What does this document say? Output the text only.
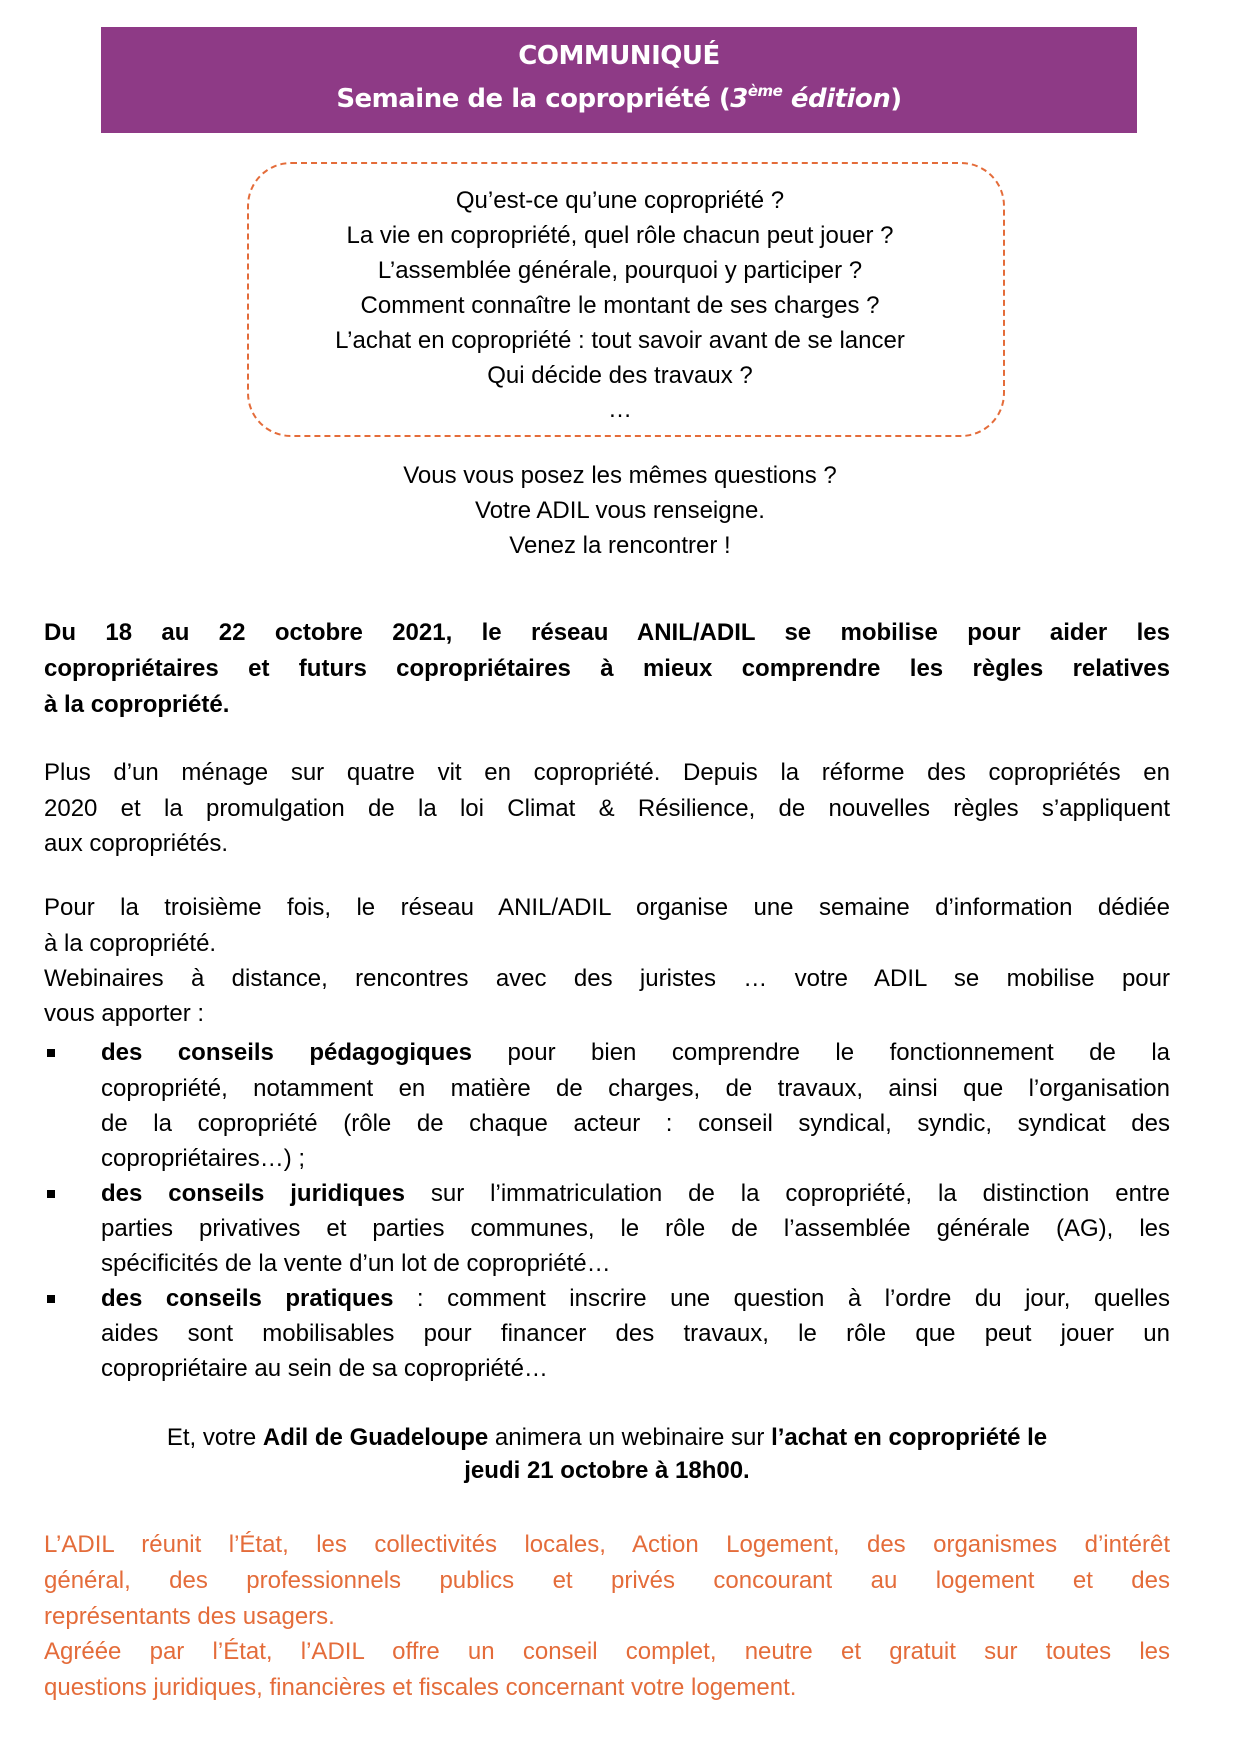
COMMUNIQUÉ
Semaine de la copropriété (3ème édition)
Qu’est-ce qu’une copropriété ?
La vie en copropriété, quel rôle chacun peut jouer ?
L’assemblée générale, pourquoi y participer ?
Comment connaître le montant de ses charges ?
L’achat en copropriété : tout savoir avant de se lancer
Qui décide des travaux ?
…
Vous vous posez les mêmes questions ?
Votre ADIL vous renseigne.
Venez la rencontrer !
Du 18 au 22 octobre 2021, le réseau ANIL/ADIL se mobilise pour aider les
copropriétaires et futurs copropriétaires à mieux comprendre les règles relatives
à la copropriété.
Plus d’un ménage sur quatre vit en copropriété. Depuis la réforme des copropriétés en
2020 et la promulgation de la loi Climat & Résilience, de nouvelles règles s’appliquent
aux copropriétés.
Pour la troisième fois, le réseau ANIL/ADIL organise une semaine d’information dédiée
à la copropriété.
Webinaires à distance, rencontres avec des juristes … votre ADIL se mobilise pour
vous apporter :
des conseils pédagogiques pour bien comprendre le fonctionnement de la
copropriété, notamment en matière de charges, de travaux, ainsi que l’organisation
de la copropriété (rôle de chaque acteur : conseil syndical, syndic, syndicat des
copropriétaires…) ;
des conseils juridiques sur l’immatriculation de la copropriété, la distinction entre
parties privatives et parties communes, le rôle de l’assemblée générale (AG), les
spécificités de la vente d’un lot de copropriété…
des conseils pratiques : comment inscrire une question à l’ordre du jour, quelles
aides sont mobilisables pour financer des travaux, le rôle que peut jouer un
copropriétaire au sein de sa copropriété…
Et, votre Adil de Guadeloupe animera un webinaire sur l’achat en copropriété le
jeudi 21 octobre à 18h00.
L’ADIL réunit l’État, les collectivités locales, Action Logement, des organismes d’intérêt
général, des professionnels publics et privés concourant au logement et des
représentants des usagers.
Agréée par l’État, l’ADIL offre un conseil complet, neutre et gratuit sur toutes les
questions juridiques, financières et fiscales concernant votre logement.
